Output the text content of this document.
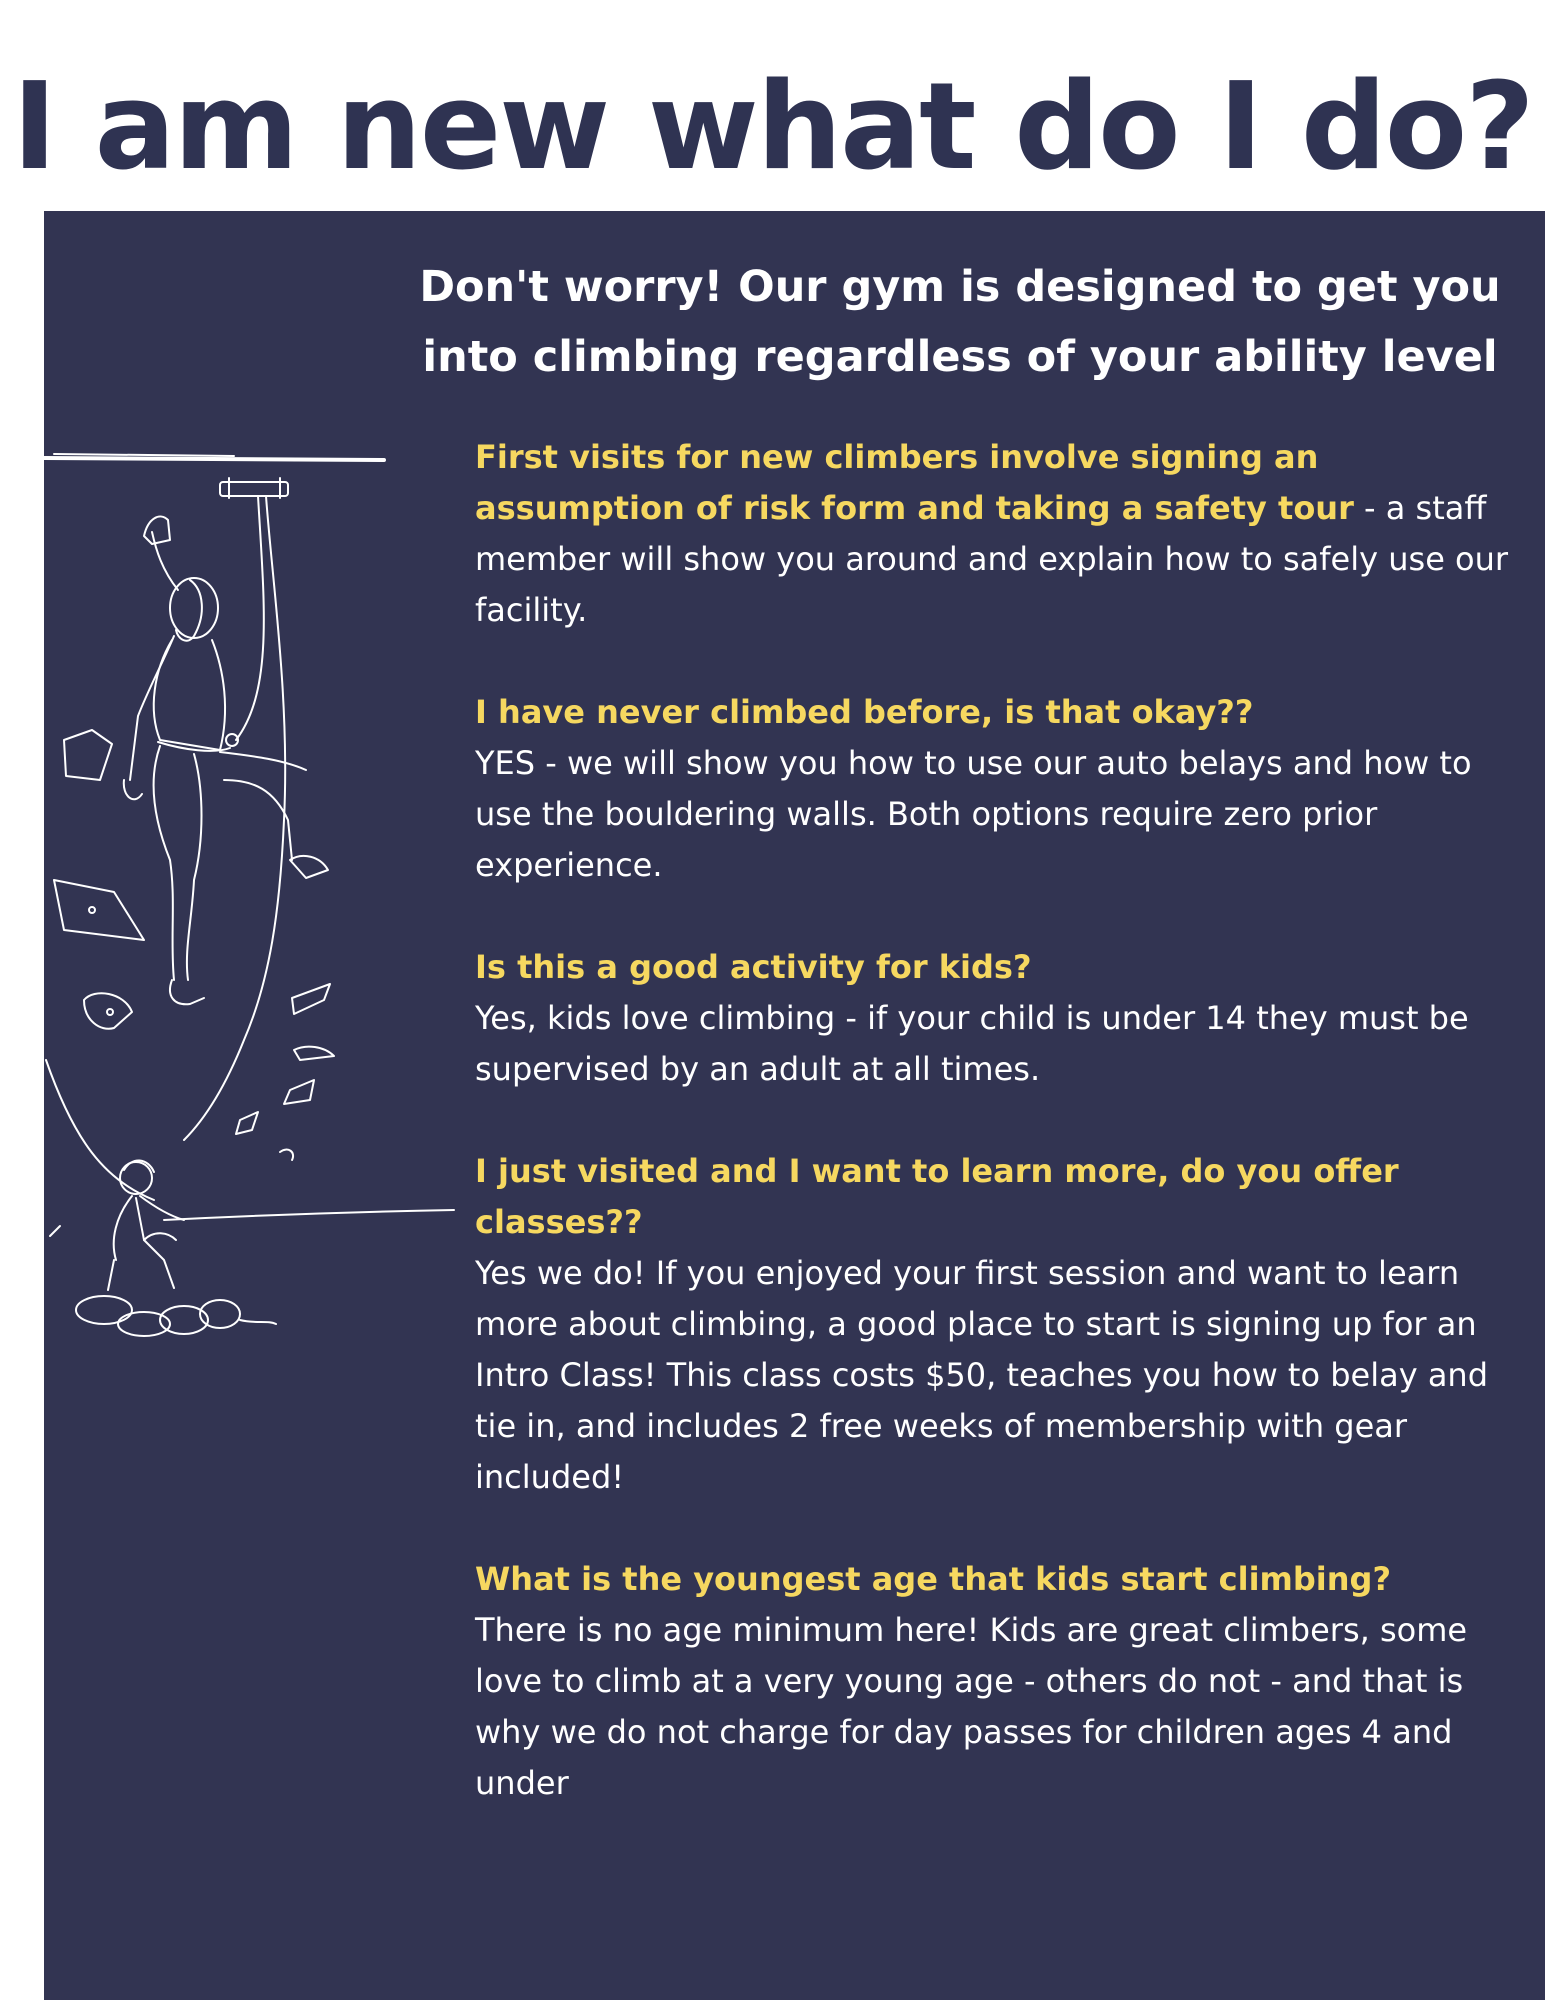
I am new what do I do?
Don't worry! Our gym is designed to get you into climbing regardless of your ability level

First visits for new climbers involve signing an assumption of risk form and taking a safety tour - a staff member will show you around and explain how to safely use our facility.

I have never climbed before, is that okay??
YES - we will show you how to use our auto belays and how to use the bouldering walls. Both options require zero prior experience.

Is this a good activity for kids?
Yes, kids love climbing - if your child is under 14 they must be supervised by an adult at all times.

I just visited and I want to learn more, do you offer classes??
Yes we do! If you enjoyed your first session and want to learn more about climbing, a good place to start is signing up for an Intro Class! This class costs $50, teaches you how to belay and tie in, and includes 2 free weeks of membership with gear included!

What is the youngest age that kids start climbing?
There is no age minimum here! Kids are great climbers, some love to climb at a very young age - others do not - and that is why we do not charge for day passes for children ages 4 and under
